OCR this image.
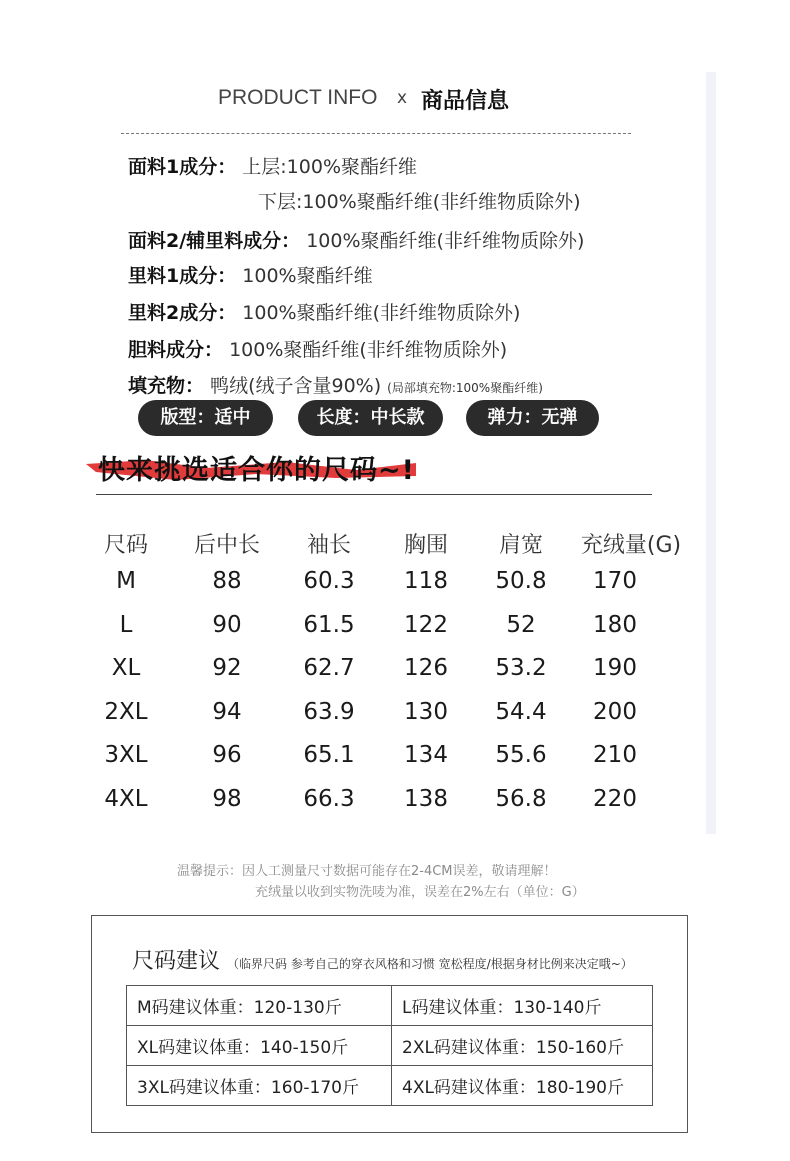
PRODUCT INFO x 商品信息
面料1成分： 上层:100%聚酯纤维
下层:100%聚酯纤维(非纤维物质除外)
面料2/辅里料成分： 100%聚酯纤维(非纤维物质除外)
里料1成分： 100%聚酯纤维
里料2成分： 100%聚酯纤维(非纤维物质除外)
胆料成分： 100%聚酯纤维(非纤维物质除外)
填充物： 鸭绒(绒子含量90%) (局部填充物:100%聚酯纤维)
版型：适中	长度：中长款	弹力：无弹
快来挑选适合你的尺码~!
尺码	后中长	袖长	胸围	肩宽	充绒量(G)
M	88	60.3	118	50.8	170
L	90	61.5	122	52	180
XL	92	62.7	126	53.2	190
2XL	94	63.9	130	54.4	200
3XL	96	65.1	134	55.6	210
4XL	98	66.3	138	56.8	220
温馨提示：因人工测量尺寸数据可能存在2-4CM误差，敬请理解！
充绒量以收到实物洗唛为准，误差在2%左右（单位：G）
尺码建议 （临界尺码 参考自己的穿衣风格和习惯 宽松程度/根据身材比例来决定哦~）
M码建议体重：120-130斤	L码建议体重：130-140斤
XL码建议体重：140-150斤	2XL码建议体重：150-160斤
3XL码建议体重：160-170斤	4XL码建议体重：180-190斤
